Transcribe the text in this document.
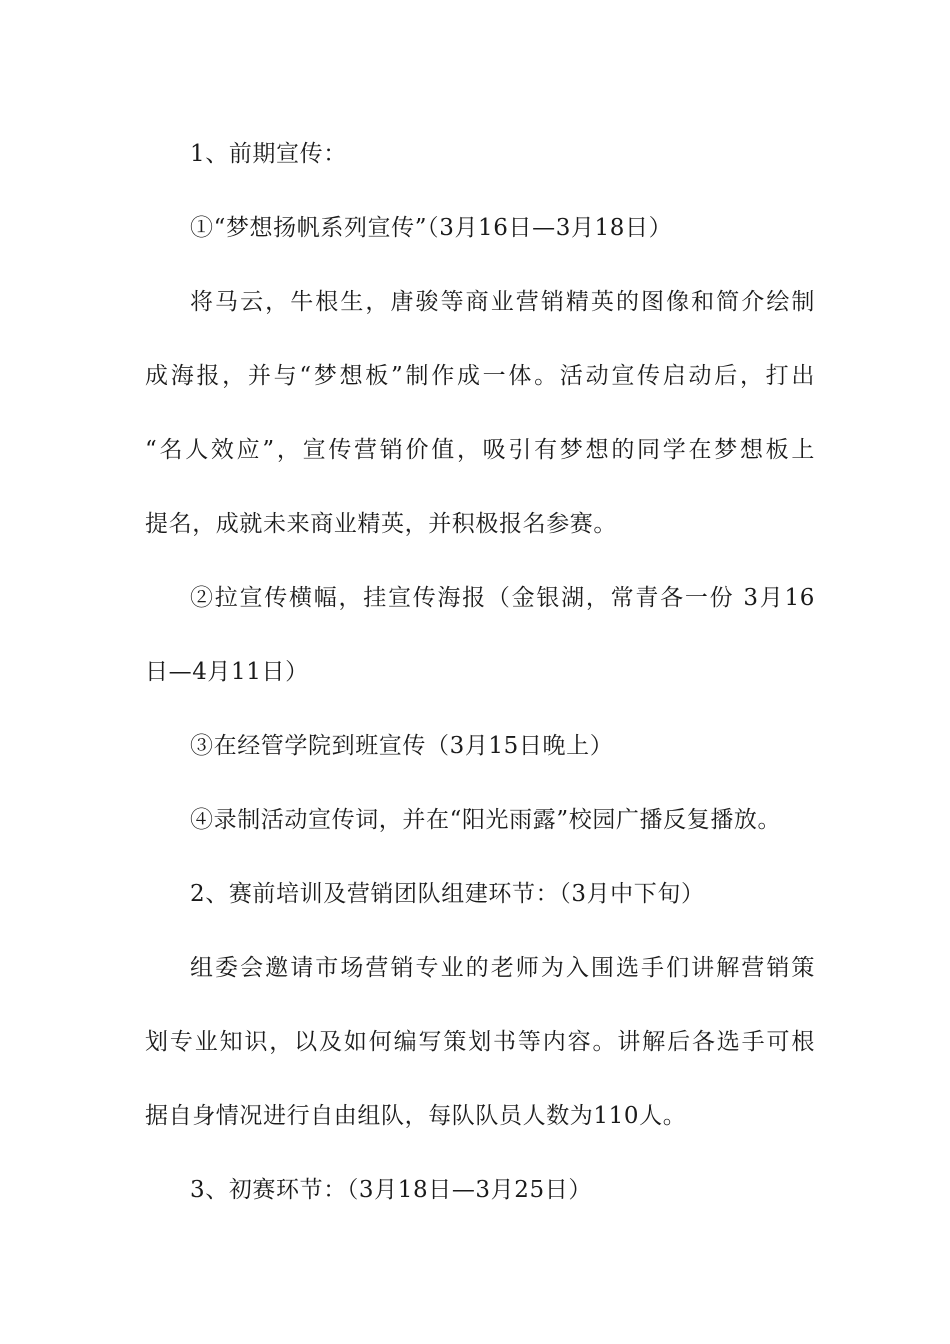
1、前期宣传：
①“梦想扬帆系列宣传”（3月16日—3月18日）
将马云，牛根生，唐骏等商业营销精英的图像和简介绘制
成海报，并与“梦想板”制作成一体。活动宣传启动后，打出
“名人效应”，宣传营销价值，吸引有梦想的同学在梦想板上
提名，成就未来商业精英，并积极报名参赛。
②拉宣传横幅，挂宣传海报（金银湖，常青各一份 3月16
日—4月11日）
③在经管学院到班宣传（3月15日晚上）
④录制活动宣传词，并在“阳光雨露”校园广播反复播放。
2、赛前培训及营销团队组建环节：（3月中下旬）
组委会邀请市场营销专业的老师为入围选手们讲解营销策
划专业知识，以及如何编写策划书等内容。讲解后各选手可根
据自身情况进行自由组队，每队队员人数为110人。
3、初赛环节：（3月18日—3月25日）
